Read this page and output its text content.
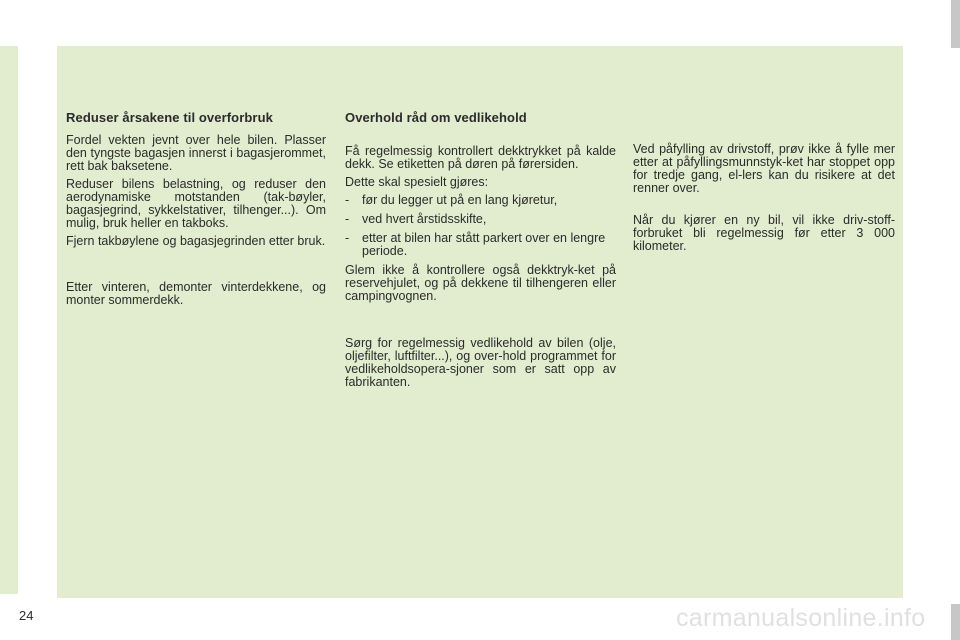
Reduser årsakene til overforbruk

Fordel vekten jevnt over hele bilen. Plasser den tyngste bagasjen innerst i bagasjerommet, rett bak baksetene.

Reduser bilens belastning, og reduser den aerodynamiske motstanden (tak-bøyler, bagasjegrind, sykkelstativer, tilhenger...). Om mulig, bruk heller en takboks.

Fjern takbøylene og bagasjegrinden etter bruk.

Etter vinteren, demonter vinterdekkene, og monter sommerdekk.

Overhold råd om vedlikehold

Få regelmessig kontrollert dekktrykket på kalde dekk. Se etiketten på døren på førersiden.

Dette skal spesielt gjøres:

- før du legger ut på en lang kjøretur,
- ved hvert årstidsskifte,
- etter at bilen har stått parkert over en lengre periode.

Glem ikke å kontrollere også dekktryk-ket på reservehjulet, og på dekkene til tilhengeren eller campingvognen.

Sørg for regelmessig vedlikehold av bilen (olje, oljefilter, luftfilter...), og over-hold programmet for vedlikeholdsopera-sjoner som er satt opp av fabrikanten.

Ved påfylling av drivstoff, prøv ikke å fylle mer etter at påfyllingsmunnstyk-ket har stoppet opp for tredje gang, el-lers kan du risikere at det renner over.

Når du kjører en ny bil, vil ikke driv-stoff-forbruket bli regelmessig før etter 3 000 kilometer.

24	carmanualsonline.info
